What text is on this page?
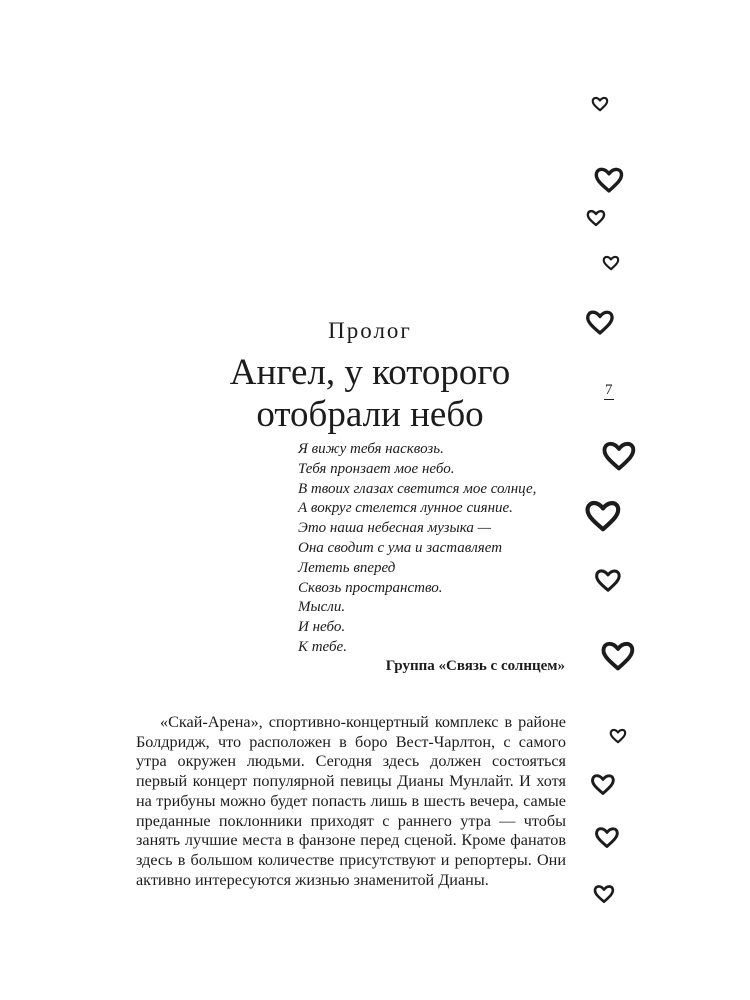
Пролог
Ангел, у которого
отобрали небо
Я вижу тебя насквозь.
Тебя пронзает мое небо.
В твоих глазах светится мое солнце,
А вокруг стелется лунное сияние.
Это наша небесная музыка —
Она сводит с ума и заставляет
Лететь вперед
Сквозь пространство.
Мысли.
И небо.
К тебе.
Группа «Связь с солнцем»
«Скай-Арена», спортивно-концертный комплекс в районе Болдридж, что расположен в боро Вест-Чарлтон, с самого утра окружен людьми. Сегодня здесь должен состояться первый концерт популярной певицы Дианы Мунлайт. И хотя на трибуны можно будет попасть лишь в шесть вечера, самые преданные поклонники приходят с раннего утра — чтобы занять лучшие места в фанзоне перед сценой. Кроме фанатов здесь в большом количестве присутствуют и репортеры. Они активно интересуются жизнью знаменитой Дианы.
7
